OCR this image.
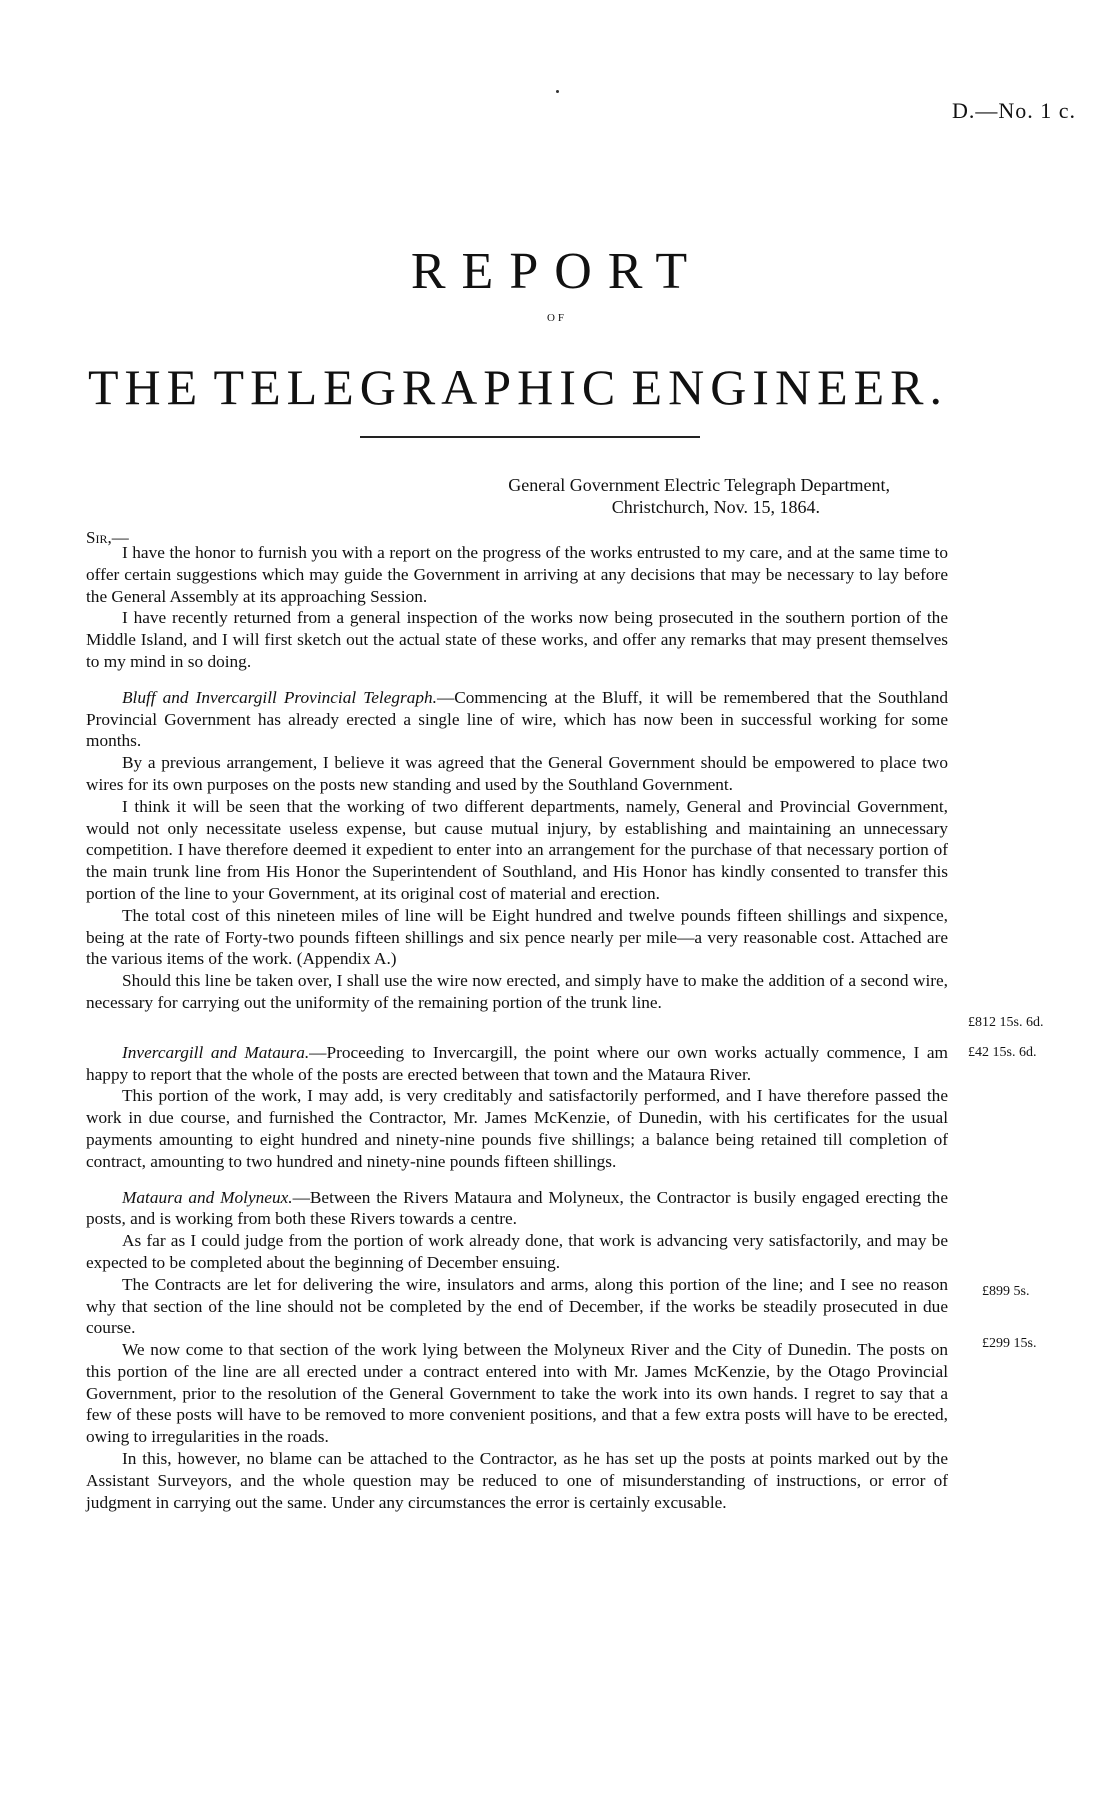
D.—No. 1 c.
REPORT
OF
THE TELEGRAPHIC ENGINEER.
General Government Electric Telegraph Department,
Christchurch, Nov. 15, 1864.
Sir,—

I have the honor to furnish you with a report on the progress of the works entrusted to my care, and at the same time to offer certain suggestions which may guide the Government in arriving at any decisions that may be necessary to lay before the General Assembly at its approaching Session.

I have recently returned from a general inspection of the works now being prosecuted in the southern portion of the Middle Island, and I will first sketch out the actual state of these works, and offer any remarks that may present themselves to my mind in so doing.

Bluff and Invercargill Provincial Telegraph.—Commencing at the Bluff, it will be remembered that the Southland Provincial Government has already erected a single line of wire, which has now been in successful working for some months.

By a previous arrangement, I believe it was agreed that the General Government should be empowered to place two wires for its own purposes on the posts new standing and used by the Southland Government.

I think it will be seen that the working of two different departments, namely, General and Provincial Government, would not only necessitate useless expense, but cause mutual injury, by establishing and maintaining an unnecessary competition. I have therefore deemed it expedient to enter into an arrangement for the purchase of that necessary portion of the main trunk line from His Honor the Superintendent of Southland, and His Honor has kindly consented to transfer this portion of the line to your Government, at its original cost of material and erection.

The total cost of this nineteen miles of line will be Eight hundred and twelve pounds fifteen shillings and sixpence, being at the rate of Forty-two pounds fifteen shillings and six pence nearly per mile—a very reasonable cost. Attached are the various items of the work. (Appendix A.)

Should this line be taken over, I shall use the wire now erected, and simply have to make the addition of a second wire, necessary for carrying out the uniformity of the remaining portion of the trunk line.

Invercargill and Mataura.—Proceeding to Invercargill, the point where our own works actually commence, I am happy to report that the whole of the posts are erected between that town and the Mataura River.

This portion of the work, I may add, is very creditably and satisfactorily performed, and I have therefore passed the work in due course, and furnished the Contractor, Mr. James McKenzie, of Dunedin, with his certificates for the usual payments amounting to eight hundred and ninety-nine pounds five shillings; a balance being retained till completion of contract, amounting to two hundred and ninety-nine pounds fifteen shillings.

Mataura and Molyneux.—Between the Rivers Mataura and Molyneux, the Contractor is busily engaged erecting the posts, and is working from both these Rivers towards a centre.

As far as I could judge from the portion of work already done, that work is advancing very satisfactorily, and may be expected to be completed about the beginning of December ensuing.

The Contracts are let for delivering the wire, insulators and arms, along this portion of the line; and I see no reason why that section of the line should not be completed by the end of December, if the works be steadily prosecuted in due course.

We now come to that section of the work lying between the Molyneux River and the City of Dunedin. The posts on this portion of the line are all erected under a contract entered into with Mr. James McKenzie, by the Otago Provincial Government, prior to the resolution of the General Government to take the work into its own hands. I regret to say that a few of these posts will have to be removed to more convenient positions, and that a few extra posts will have to be erected, owing to irregularities in the roads.

In this, however, no blame can be attached to the Contractor, as he has set up the posts at points marked out by the Assistant Surveyors, and the whole question may be reduced to one of misunderstanding of instructions, or error of judgment in carrying out the same. Under any circumstances the error is certainly excusable.

£812 15s. 6d.
£42 15s. 6d.
£899 5s.
£299 15s.
